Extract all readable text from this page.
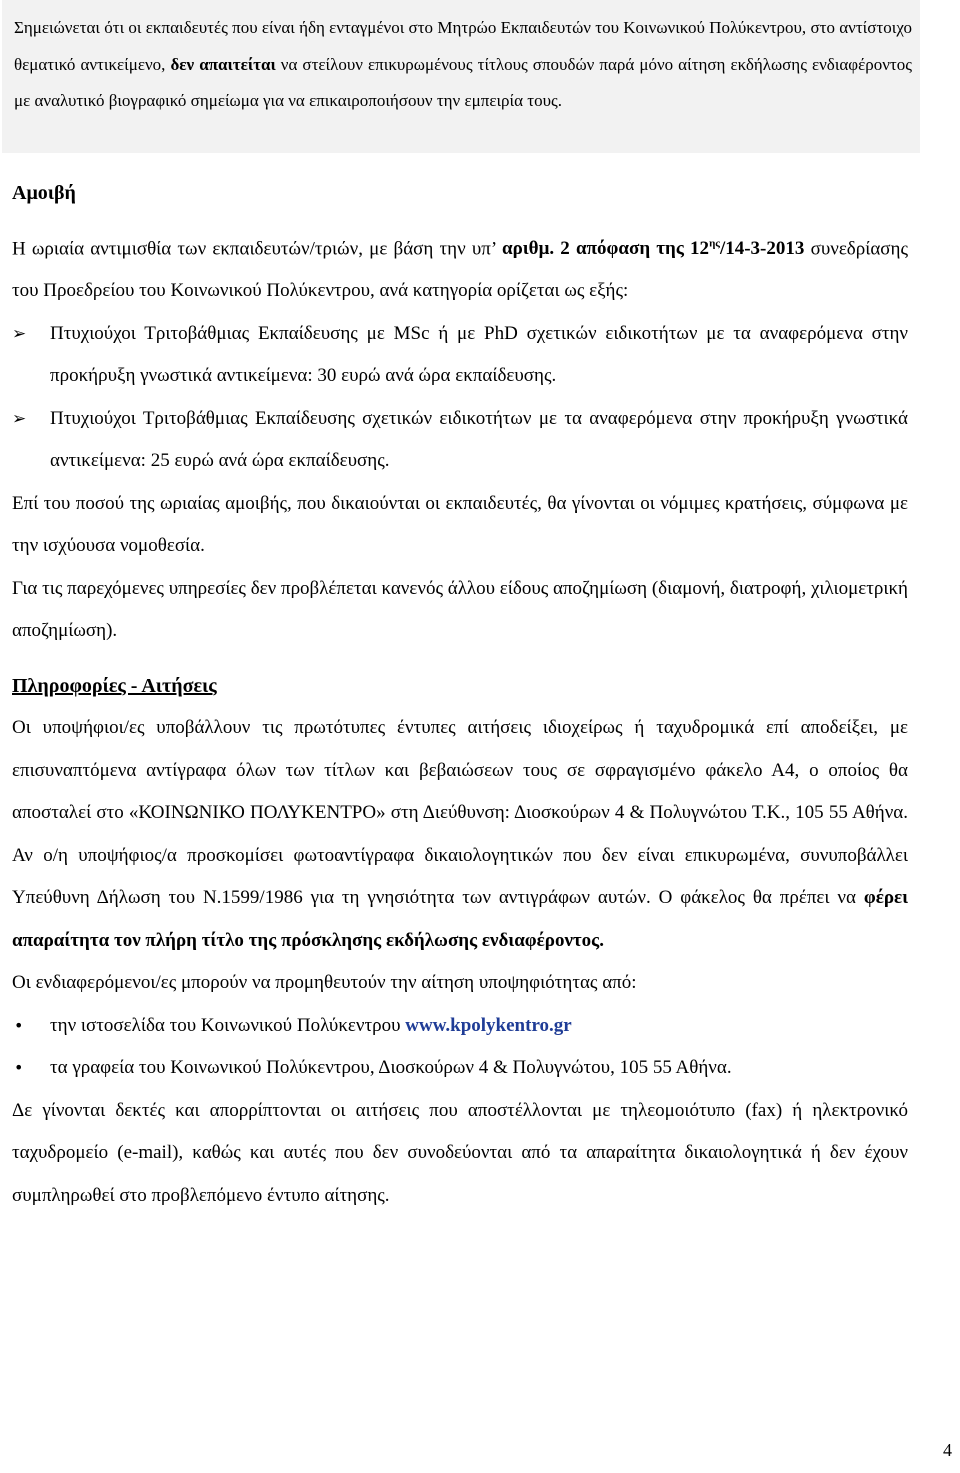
Σημειώνεται ότι οι εκπαιδευτές που είναι ήδη ενταγμένοι στο Μητρώο Εκπαιδευτών του Κοινωνικού Πολύκεντρου, στο αντίστοιχο θεματικό αντικείμενο, δεν απαιτείται να στείλουν επικυρωμένους τίτλους σπουδών παρά μόνο αίτηση εκδήλωσης ενδιαφέροντος με αναλυτικό βιογραφικό σημείωμα για να επικαιροποιήσουν την εμπειρία τους.

Αμοιβή

Η ωριαία αντιμισθία των εκπαιδευτών/τριών, με βάση την υπ’ αριθμ. 2 απόφαση της $12^{\eta\varsigma}/14-3-2013$ συνεδρίασης του Προεδρείου του Κοινωνικού Πολύκεντρου, ανά κατηγορία ορίζεται ως εξής:

➢	Πτυχιούχοι Τριτοβάθμιας Εκπαίδευσης με MSc ή με PhD σχετικών ειδικοτήτων με τα αναφερόμενα στην προκήρυξη γνωστικά αντικείμενα: 30 ευρώ ανά ώρα εκπαίδευσης.
➢	Πτυχιούχοι Τριτοβάθμιας Εκπαίδευσης σχετικών ειδικοτήτων με τα αναφερόμενα στην προκήρυξη γνωστικά αντικείμενα: 25 ευρώ ανά ώρα εκπαίδευσης.

Επί του ποσού της ωριαίας αμοιβής, που δικαιούνται οι εκπαιδευτές, θα γίνονται οι νόμιμες κρατήσεις, σύμφωνα με την ισχύουσα νομοθεσία.

Για τις παρεχόμενες υπηρεσίες δεν προβλέπεται κανενός άλλου είδους αποζημίωση (διαμονή, διατροφή, χιλιομετρική αποζημίωση).

Πληροφορίες - Αιτήσεις

Οι υποψήφιοι/ες υποβάλλουν τις πρωτότυπες έντυπες αιτήσεις ιδιοχείρως ή ταχυδρομικά επί αποδείξει, με επισυναπτόμενα αντίγραφα όλων των τίτλων και βεβαιώσεων τους σε σφραγισμένο φάκελο Α4, ο οποίος θα αποσταλεί στο «ΚΟΙΝΩΝΙΚΟ ΠΟΛΥΚΕΝΤΡΟ» στη Διεύθυνση: Διοσκούρων 4 & Πολυγνώτου Τ.Κ., 105 55 Αθήνα. Αν ο/η υποψήφιος/α προσκομίσει φωτοαντίγραφα δικαιολογητικών που δεν είναι επικυρωμένα, συνυποβάλλει Υπεύθυνη Δήλωση του Ν.1599/1986 για τη γνησιότητα των αντιγράφων αυτών. Ο φάκελος θα πρέπει να φέρει απαραίτητα τον πλήρη τίτλο της πρόσκλησης εκδήλωσης ενδιαφέροντος.

Οι ενδιαφερόμενοι/ες μπορούν να προμηθευτούν την αίτηση υποψηφιότητας από:

•	την ιστοσελίδα του Κοινωνικού Πολύκεντρου www.kpolykentro.gr
•	τα γραφεία του Κοινωνικού Πολύκεντρου, Διοσκούρων 4 & Πολυγνώτου, 105 55 Αθήνα.

Δε γίνονται δεκτές και απορρίπτονται οι αιτήσεις που αποστέλλονται με τηλεομοιότυπο (fax) ή ηλεκτρονικό ταχυδρομείο (e-mail), καθώς και αυτές που δεν συνοδεύονται από τα απαραίτητα δικαιολογητικά ή δεν έχουν συμπληρωθεί στο προβλεπόμενο έντυπο αίτησης.

4
